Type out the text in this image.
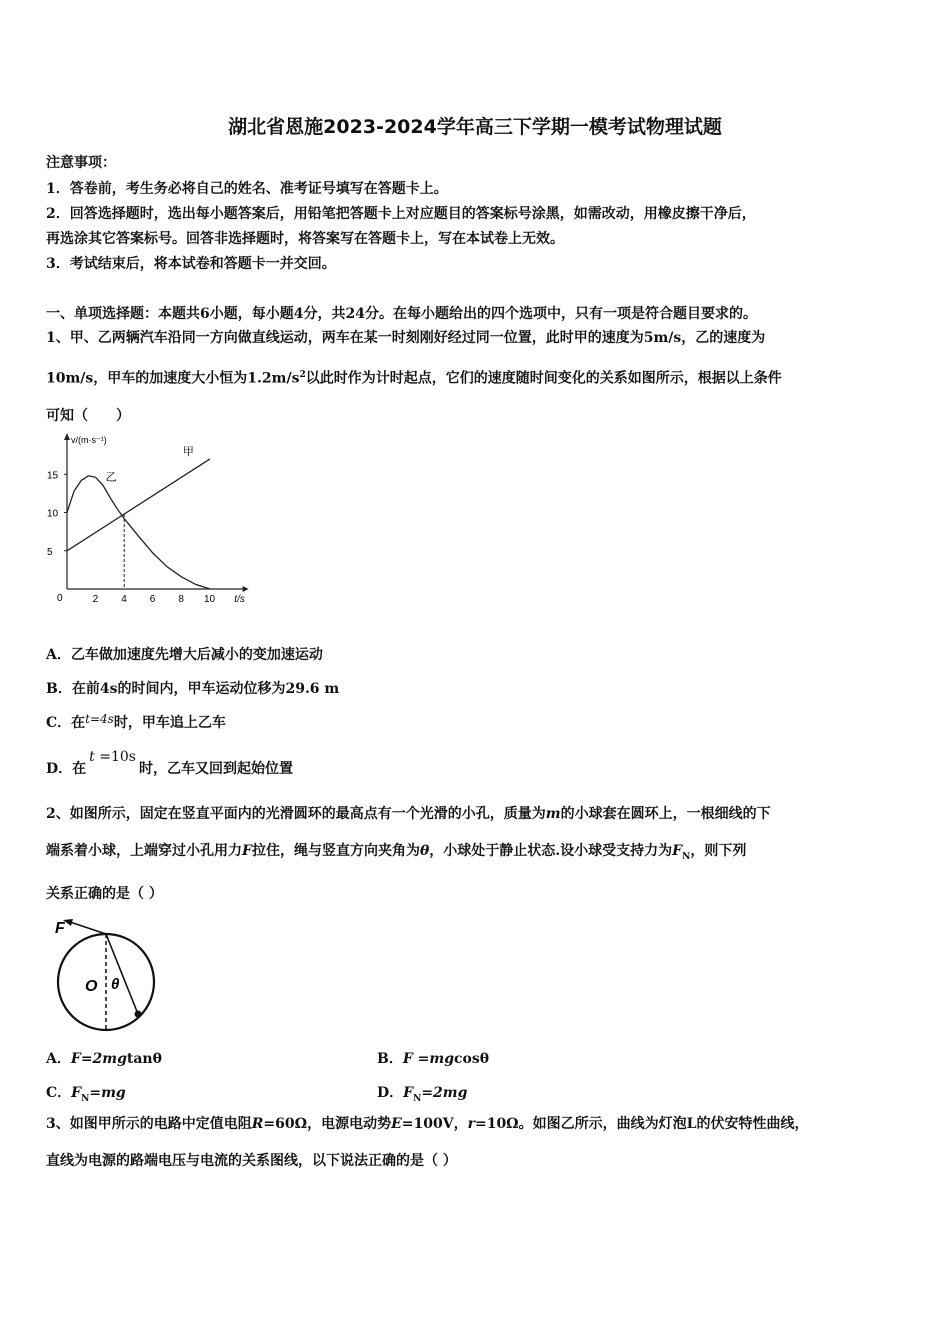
湖北省恩施2023-2024学年高三下学期一模考试物理试题
注意事项：
1．答卷前，考生务必将自己的姓名、准考证号填写在答题卡上。
2．回答选择题时，选出每小题答案后，用铅笔把答题卡上对应题目的答案标号涂黑，如需改动，用橡皮擦干净后，
再选涂其它答案标号。回答非选择题时，将答案写在答题卡上，写在本试卷上无效。
3．考试结束后，将本试卷和答题卡一并交回。
一、单项选择题：本题共6小题，每小题4分，共24分。在每小题给出的四个选项中，只有一项是符合题目要求的。
1、甲、乙两辆汽车沿同一方向做直线运动，两车在某一时刻刚好经过同一位置，此时甲的速度为5m/s，乙的速度为
10m/s，甲车的加速度大小恒为$1.2m/s^2$以此时作为计时起点，它们的速度随时间变化的关系如图所示，根据以上条件
可知（　　）
v/(m·s⁻¹)
t/s
0	2 4 6 8 10
5
10
15
甲
乙
A．乙车做加速度先增大后减小的变加速运动
B．在前4s的时间内，甲车运动位移为29.6 m
C．在t=4s时，甲车追上乙车
D．在t =10s时，乙车又回到起始位置
2、如图所示，固定在竖直平面内的光滑圆环的最高点有一个光滑的小孔，质量为m的小球套在圆环上，一根细线的下
端系着小球，上端穿过小孔用力F拉住，绳与竖直方向夹角为θ，小球处于静止状态.设小球受支持力为$F_N$，则下列
关系正确的是（ ）
F
O θ
A．F=2mgtanθ	B．F =mgcosθ
C．$F_N=mg$	D．$F_N=2mg$
3、如图甲所示的电路中定值电阻R=60Ω，电源电动势E=100V，r=10Ω。如图乙所示，曲线为灯泡L的伏安特性曲线，
直线为电源的路端电压与电流的关系图线，以下说法正确的是（ ）
